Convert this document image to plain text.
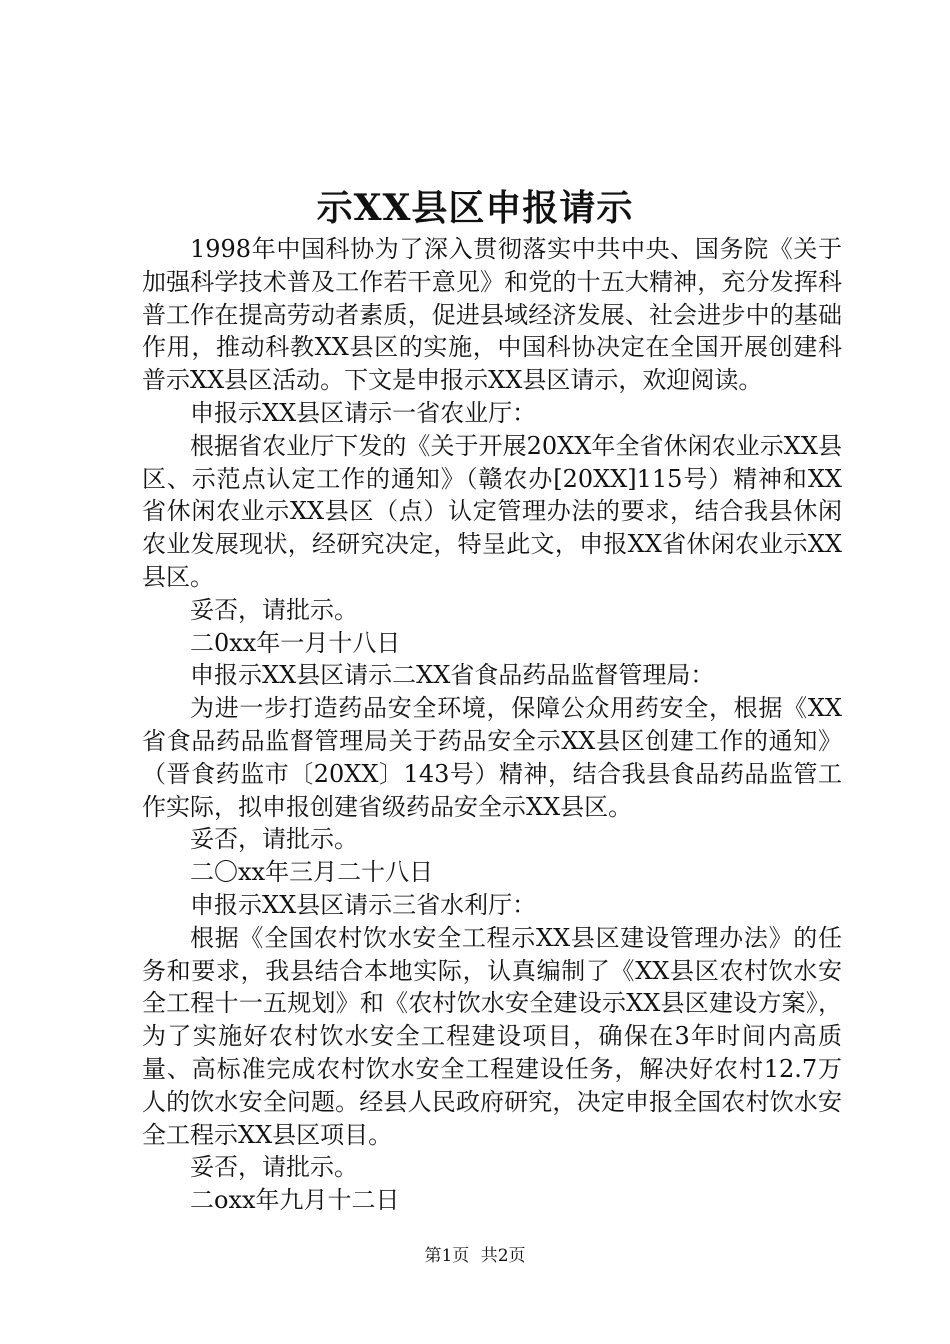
示XX县区申报请示

1998年中国科协为了深入贯彻落实中共中央、国务院《关于加强科学技术普及工作若干意见》和党的十五大精神，充分发挥科普工作在提高劳动者素质，促进县域经济发展、社会进步中的基础作用，推动科教XX县区的实施，中国科协决定在全国开展创建科普示XX县区活动。下文是申报示XX县区请示，欢迎阅读。

申报示XX县区请示一省农业厅：

根据省农业厅下发的《关于开展20XX年全省休闲农业示XX县区、示范点认定工作的通知》（赣农办[20XX]115号）精神和XX省休闲农业示XX县区（点）认定管理办法的要求，结合我县休闲农业发展现状，经研究决定，特呈此文，申报XX省休闲农业示XX县区。

妥否，请批示。

二0xx年一月十八日

申报示XX县区请示二XX省食品药品监督管理局：

为进一步打造药品安全环境，保障公众用药安全，根据《XX省食品药品监督管理局关于药品安全示XX县区创建工作的通知》（晋食药监市〔20XX〕143号）精神，结合我县食品药品监管工作实际，拟申报创建省级药品安全示XX县区。

妥否，请批示。

二〇xx年三月二十八日

申报示XX县区请示三省水利厅：

根据《全国农村饮水安全工程示XX县区建设管理办法》的任务和要求，我县结合本地实际，认真编制了《XX县区农村饮水安全工程十一五规划》和《农村饮水安全建设示XX县区建设方案》，为了实施好农村饮水安全工程建设项目，确保在3年时间内高质量、高标准完成农村饮水安全工程建设任务，解决好农村12.7万人的饮水安全问题。经县人民政府研究，决定申报全国农村饮水安全工程示XX县区项目。

妥否，请批示。

二oxx年九月十二日

第1页 共2页
